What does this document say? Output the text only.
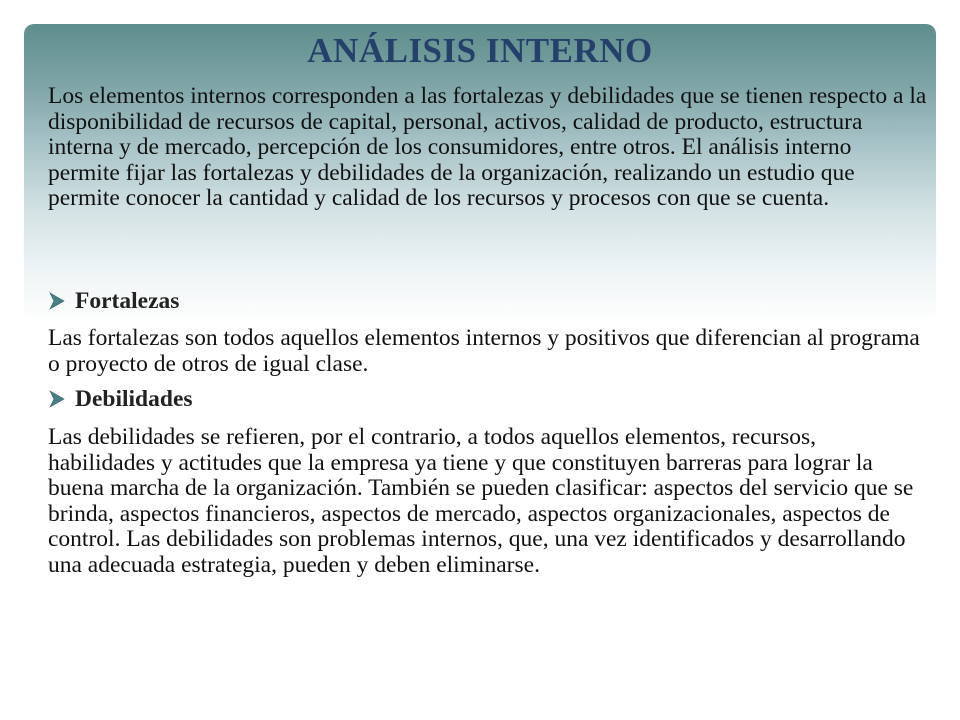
ANÁLISIS INTERNO

Los elementos internos corresponden a las fortalezas y debilidades que se tienen respecto a la disponibilidad de recursos de capital, personal, activos, calidad de producto, estructura interna y de mercado, percepción de los consumidores, entre otros. El análisis interno permite fijar las fortalezas y debilidades de la organización, realizando un estudio que permite conocer la cantidad y calidad de los recursos y procesos con que se cuenta.

Fortalezas

Las fortalezas son todos aquellos elementos internos y positivos que diferencian al programa o proyecto de otros de igual clase.

Debilidades

Las debilidades se refieren, por el contrario, a todos aquellos elementos, recursos, habilidades y actitudes que la empresa ya tiene y que constituyen barreras para lograr la buena marcha de la organización. También se pueden clasificar: aspectos del servicio que se brinda, aspectos financieros, aspectos de mercado, aspectos organizacionales, aspectos de control. Las debilidades son problemas internos, que, una vez identificados y desarrollando una adecuada estrategia, pueden y deben eliminarse.
